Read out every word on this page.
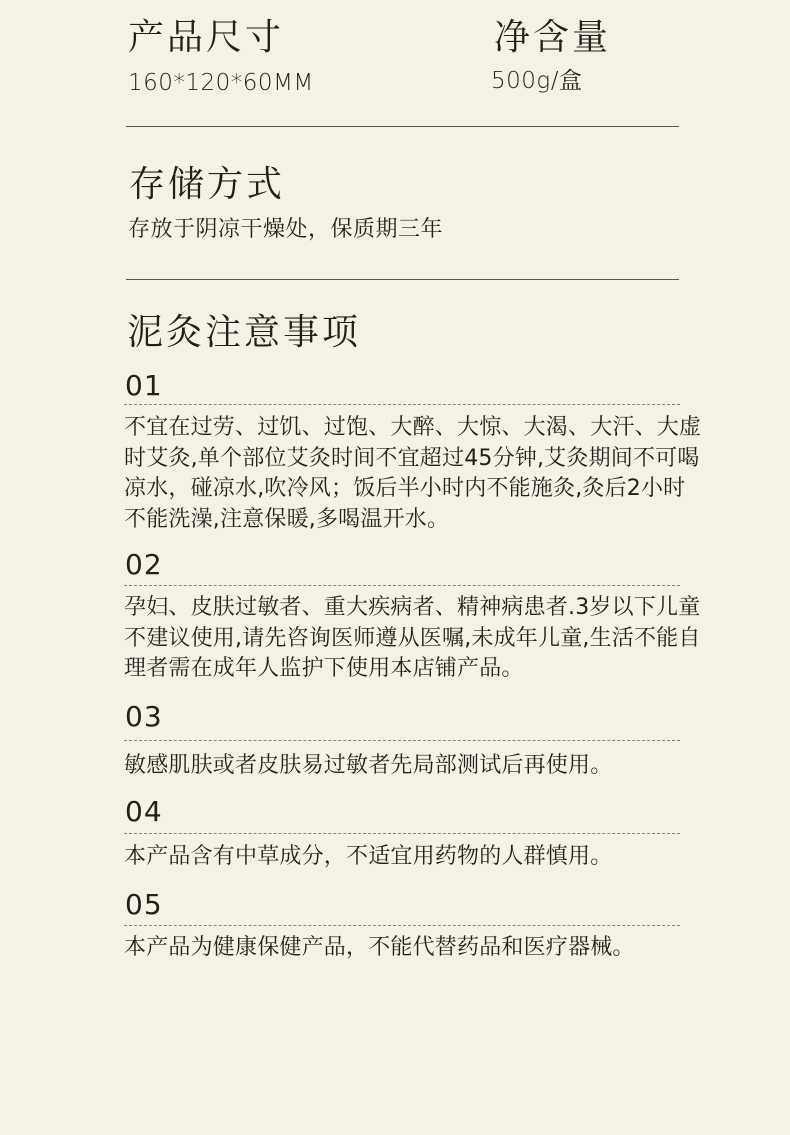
产品尺寸
160*120*60MM
净含量
500g/盒
存储方式
存放于阴凉干燥处，保质期三年
泥灸注意事项
01
不宜在过劳、过饥、过饱、大醉、大惊、大渴、大汗、大虚时艾灸,单个部位艾灸时间不宜超过45分钟,艾灸期间不可喝凉水，碰凉水,吹冷风；饭后半小时内不能施灸,灸后2小时不能洗澡,注意保暖,多喝温开水。
02
孕妇、皮肤过敏者、重大疾病者、精神病患者.3岁以下儿童不建议使用,请先咨询医师遵从医嘱,未成年儿童,生活不能自理者需在成年人监护下使用本店铺产品。
03
敏感肌肤或者皮肤易过敏者先局部测试后再使用。
04
本产品含有中草成分，不适宜用药物的人群慎用。
05
本产品为健康保健产品，不能代替药品和医疗器械。
